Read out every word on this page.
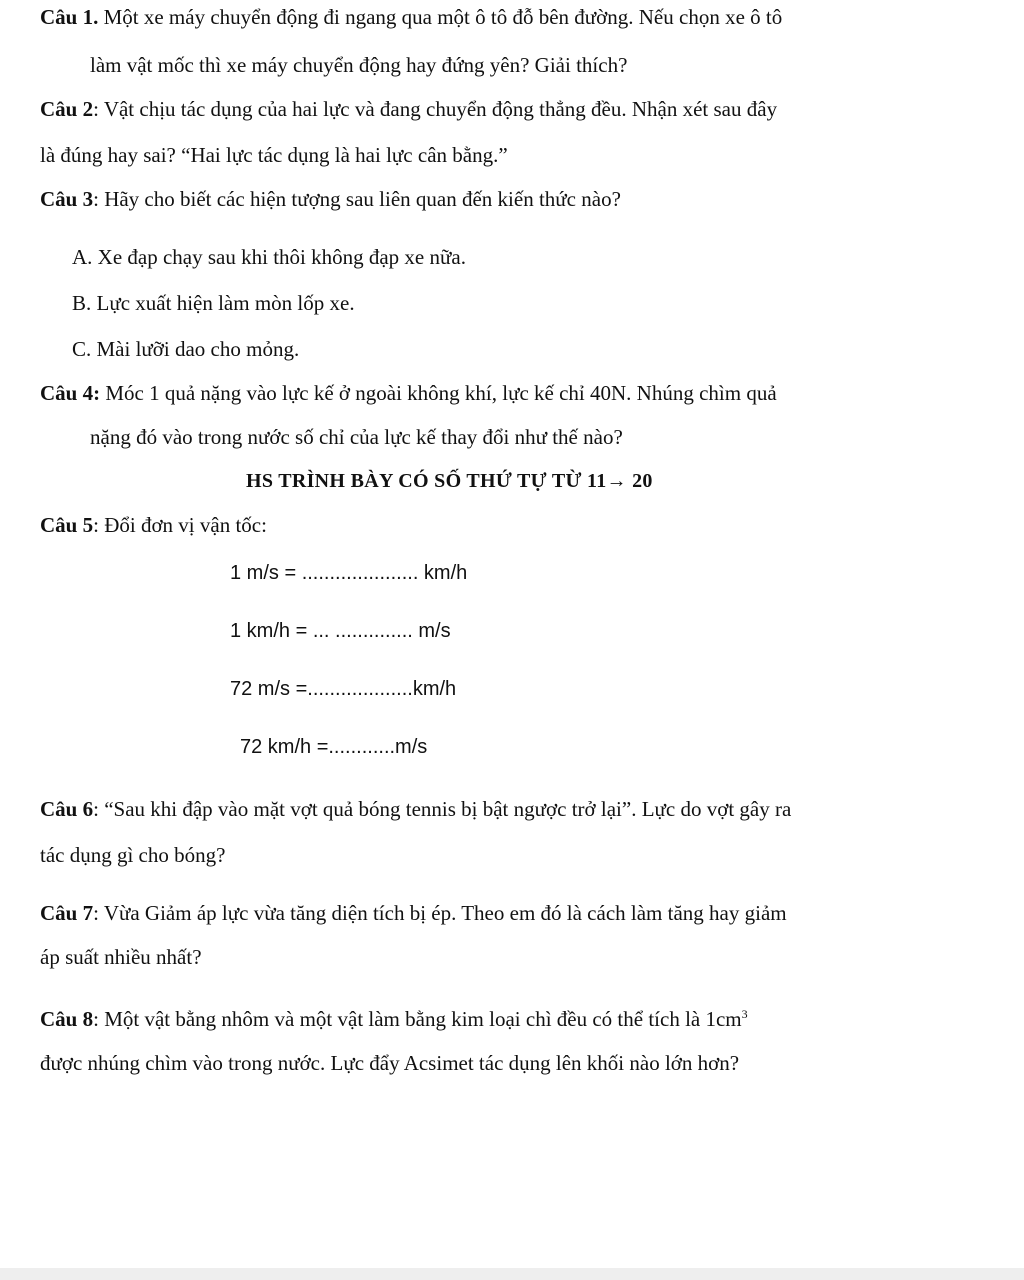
Câu 1. Một xe máy chuyển động đi ngang qua một ô tô đỗ bên đường. Nếu chọn xe ô tô
làm vật mốc thì xe máy chuyển động hay đứng yên? Giải thích?
Câu 2: Vật chịu tác dụng của hai lực và đang chuyển động thẳng đều. Nhận xét sau đây
là đúng hay sai? “Hai lực tác dụng là hai lực cân bằng.”
Câu 3: Hãy cho biết các hiện tượng sau liên quan đến kiến thức nào?
A. Xe đạp chạy sau khi thôi không đạp xe nữa.
B. Lực xuất hiện làm mòn lốp xe.
C. Mài lưỡi dao cho mỏng.
Câu 4: Móc 1 quả nặng vào lực kế ở ngoài không khí, lực kế chỉ 40N. Nhúng chìm quả
nặng đó vào trong nước số chỉ của lực kế thay đổi như thế nào?
HS TRÌNH BÀY CÓ SỐ THỨ TỰ TỪ 11→ 20
Câu 5: Đổi đơn vị vận tốc:
1 m/s = ..................... km/h
1 km/h = ... .............. m/s
72 m/s =...................km/h
72 km/h =............m/s
Câu 6: “Sau khi đập vào mặt vợt quả bóng tennis bị bật ngược trở lại”. Lực do vợt gây ra
tác dụng gì cho bóng?
Câu 7: Vừa Giảm áp lực vừa tăng diện tích bị ép. Theo em đó là cách làm tăng hay giảm
áp suất nhiều nhất?
Câu 8: Một vật bằng nhôm và một vật làm bằng kim loại chì đều có thể tích là $1cm^3$
được nhúng chìm vào trong nước. Lực đẩy Acsimet tác dụng lên khối nào lớn hơn?
